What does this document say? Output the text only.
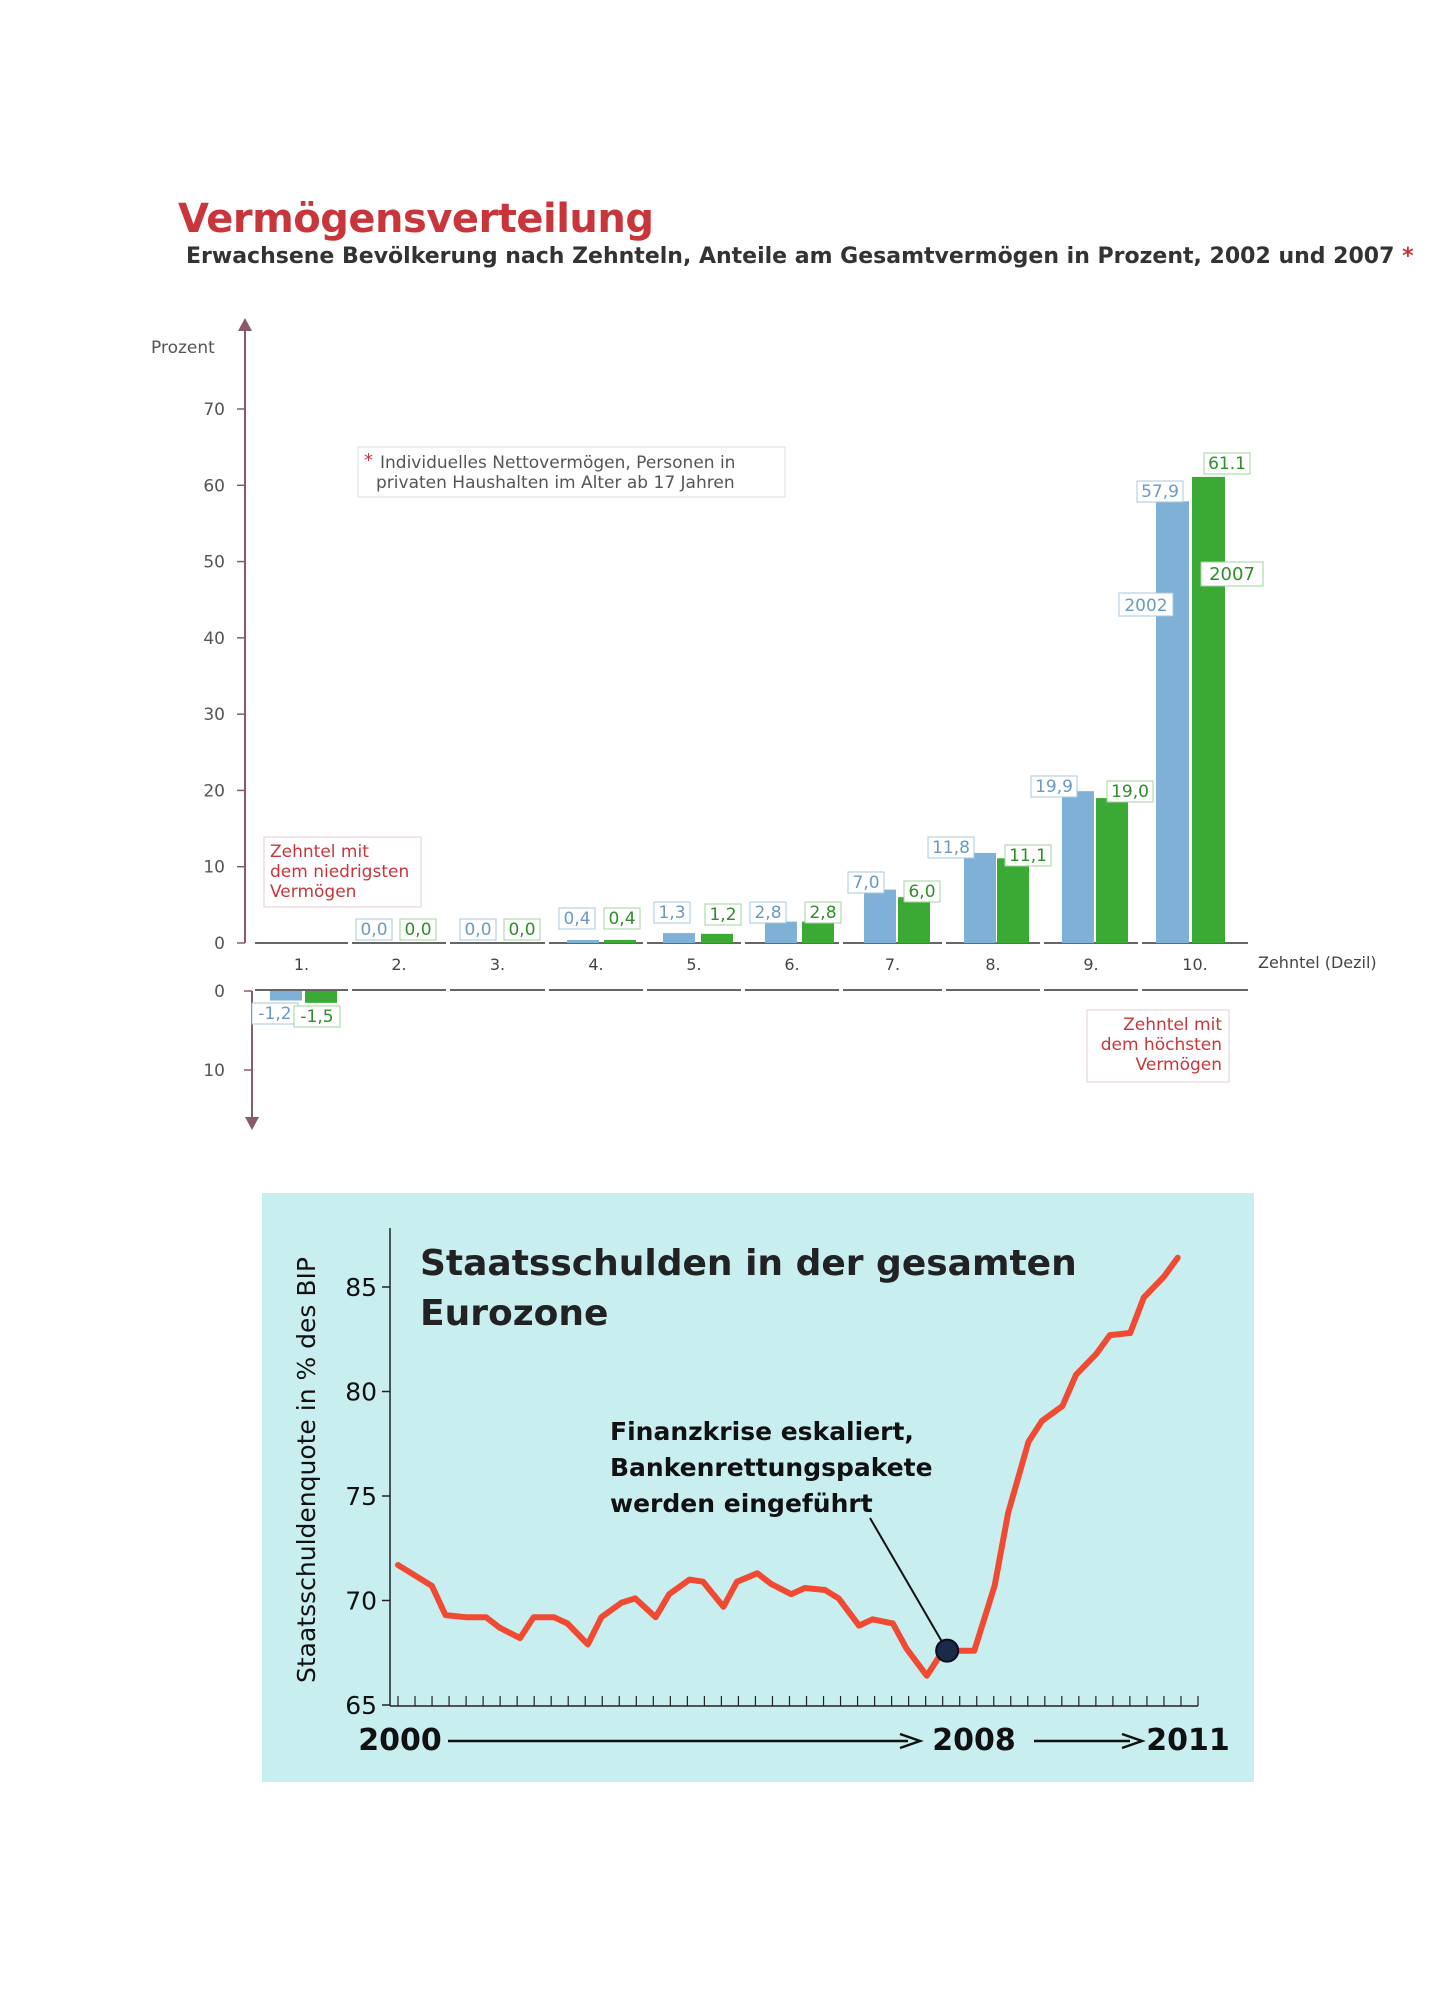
Vermögensverteilung
Erwachsene Bevölkerung nach Zehnteln, Anteile am Gesamtvermögen in Prozent, 2002 und 2007 *
Prozent
70
60
50
40
30
20
10
0
0
10
1.
-1,2 -1,5
2.
0,0 0,0
3.
0,0 0,0
4.
0,4 0,4
5.
1,3 1,2
6.
2,8 2,8
7.
7,0 6,0
8.
11,8 11,1
9.
19,9 19,0
10.
57,9
61.1
2002
2007
Zehntel (Dezil)
* Individuelles Nettovermögen, Personen in
privaten Haushalten im Alter ab 17 Jahren
Zehntel mit
dem niedrigsten
Vermögen
Zehntel mit
dem höchsten
Vermögen
65
70
75
80
85
Staatsschuldenquote in % des BIP	Staatsschulden in der gesamten
Eurozone
Finanzkrise eskaliert,
Bankenrettungspakete
werden eingeführt
2000	2008	2011
